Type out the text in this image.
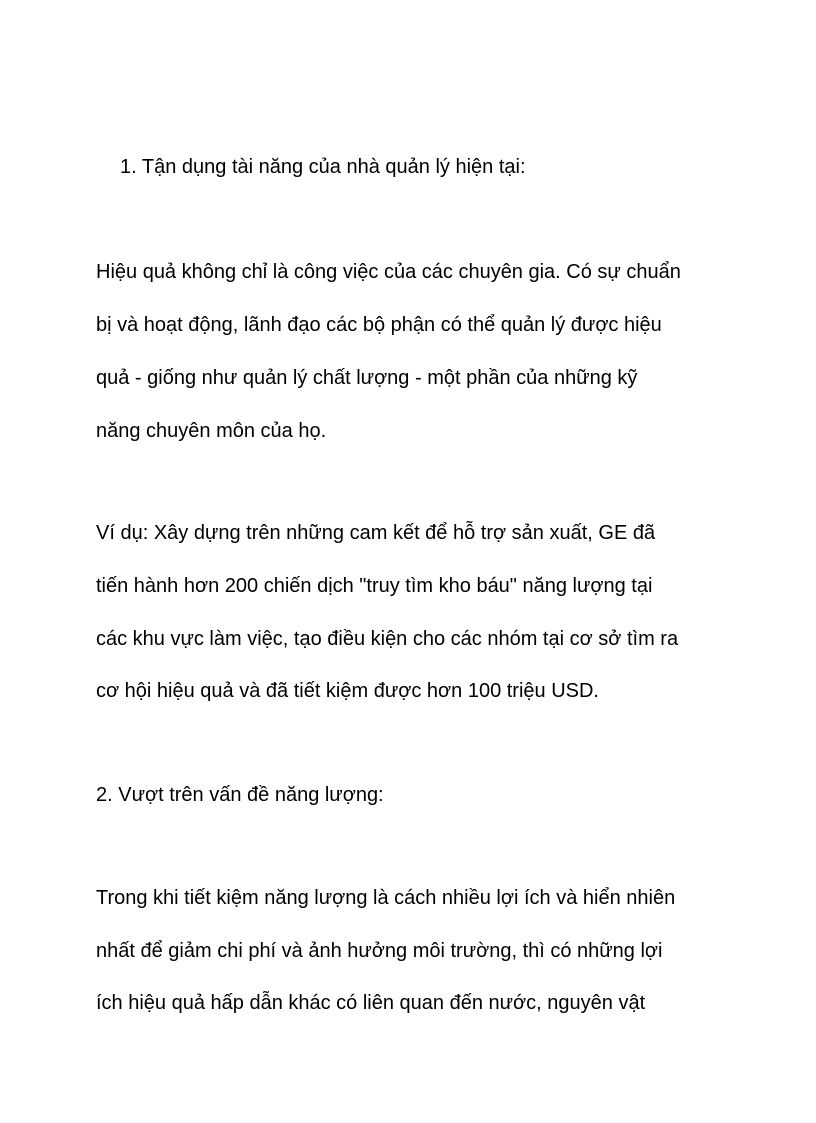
1. Tận dụng tài năng của nhà quản lý hiện tại:

Hiệu quả không chỉ là công việc của các chuyên gia. Có sự chuẩn

bị và hoạt động, lãnh đạo các bộ phận có thể quản lý được hiệu

quả - giống như quản lý chất lượng - một phần của những kỹ

năng chuyên môn của họ.

Ví dụ: Xây dựng trên những cam kết để hỗ trợ sản xuất, GE đã

tiến hành hơn 200 chiến dịch "truy tìm kho báu" năng lượng tại

các khu vực làm việc, tạo điều kiện cho các nhóm tại cơ sở tìm ra

cơ hội hiệu quả và đã tiết kiệm được hơn 100 triệu USD.

2. Vượt trên vấn đề năng lượng:

Trong khi tiết kiệm năng lượng là cách nhiều lợi ích và hiển nhiên

nhất để giảm chi phí và ảnh hưởng môi trường, thì có những lợi

ích hiệu quả hấp dẫn khác có liên quan đến nước, nguyên vật
